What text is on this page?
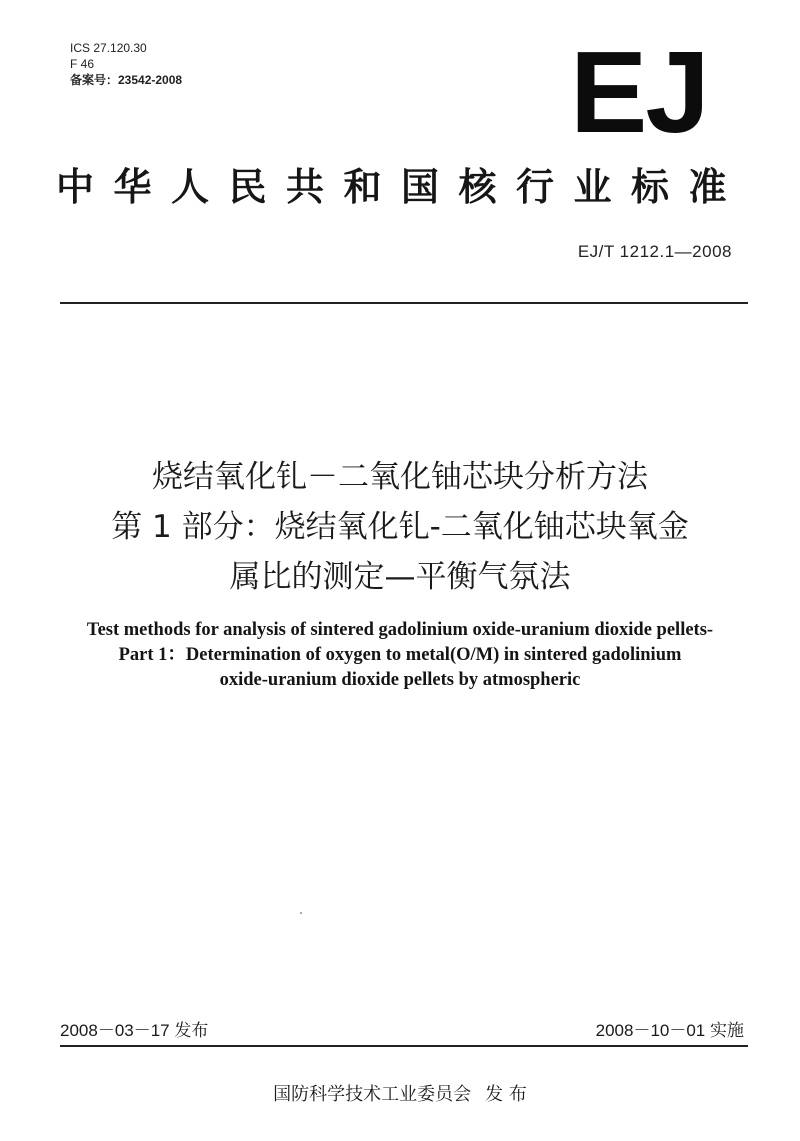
ICS 27.120.30
F 46
备案号：23542-2008	EJ
中华人民共和国核行业标准
EJ/T 1212.1—2008
烧结氧化钆－二氧化铀芯块分析方法
第 1 部分：烧结氧化钆-二氧化铀芯块氧金
属比的测定—平衡气氛法
Test methods for analysis of sintered gadolinium oxide-uranium dioxide pellets-
Part 1：Determination of oxygen to metal(O/M) in sintered gadolinium
oxide-uranium dioxide pellets by atmospheric
2008－03－17 发布	2008－10－01 实施
国防科学技术工业委员会 发 布
